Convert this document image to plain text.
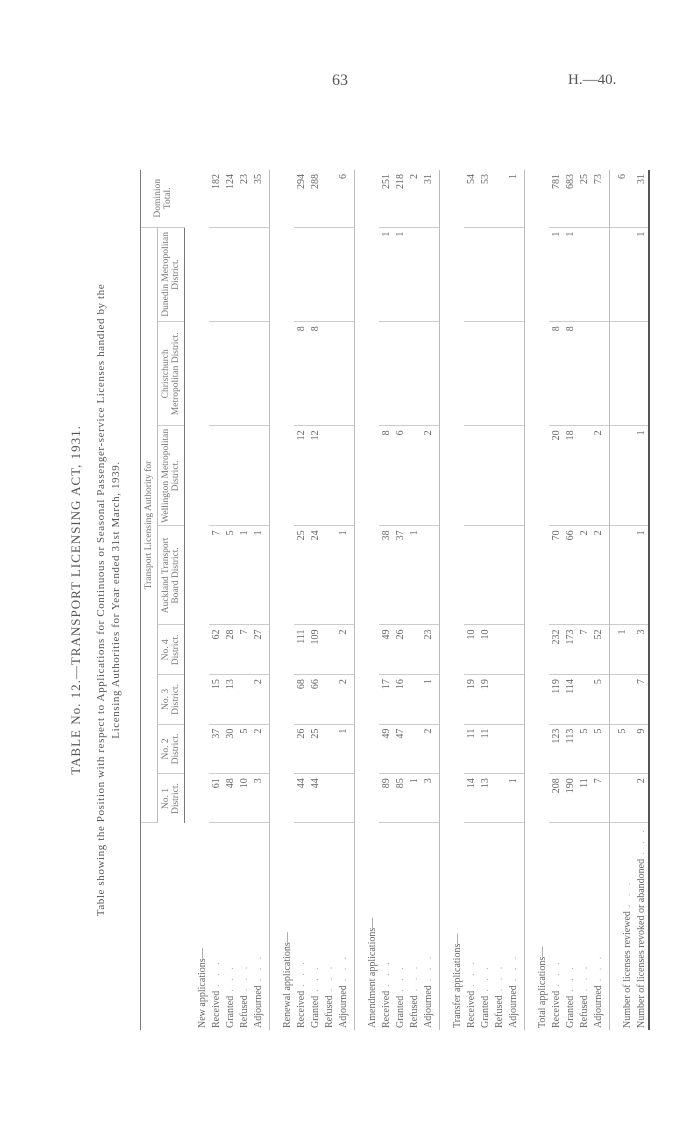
63	H.—40.
TABLE No. 12.—TRANSPORT LICENSING ACT, 1931. Table showing the Position with respect to Applications for Continuous or Seasonal Passenger-service Licenses handled by the Licensing Authorities for Year ended 31st March, 1939.
	Transport Licensing Authority for								Dominion Total.
	No. 1 District.	No. 2 District.	No. 3 District.	No. 4 District.	Auckland Transport Board District.	Wellington Metropolitan District.	Christchurch Metropolitan District.	Dunedin Metropolitan District.	
New applications—									
Received. . .	61	37	15	62	7				182
Granted. . .	48	30	13	28	5				124
Refused. . .	10	5		7	1				23
Adjourned. . .	3	2	2	27	1				35
Renewal applications—									
Received. . .	44	26	68	111	25	12	8		294
Granted. . .	44	25	66	109	24	12	8		288
Refused. . .									
Adjourned. . .		1	2	2	1				6
Amendment applications—									
Received. . .	89	49	17	49	38	8		1	251
Granted. . .	85	47	16	26	37	6		1	218
Refused. . .	1				1				2
Adjourned. . .	3	2	1	23		2			31
Transfer applications—									
Received. . .	14	11	19	10					54
Granted. . .	13	11	19	10					53
Refused. . .									
Adjourned. . .	1								1
Total applications—									
Received. . .	208	123	119	232	70	20	8	1	781
Granted. . .	190	113	114	173	66	18	8	1	683
Refused. . .	11	5		7	2				25
Adjourned. . .	7	5	5	52	2	2			73
Number of licenses reviewed. . .		5		1					6
Number of licenses revoked or abandoned. . .	2	9	7	3	1	1		1	31
